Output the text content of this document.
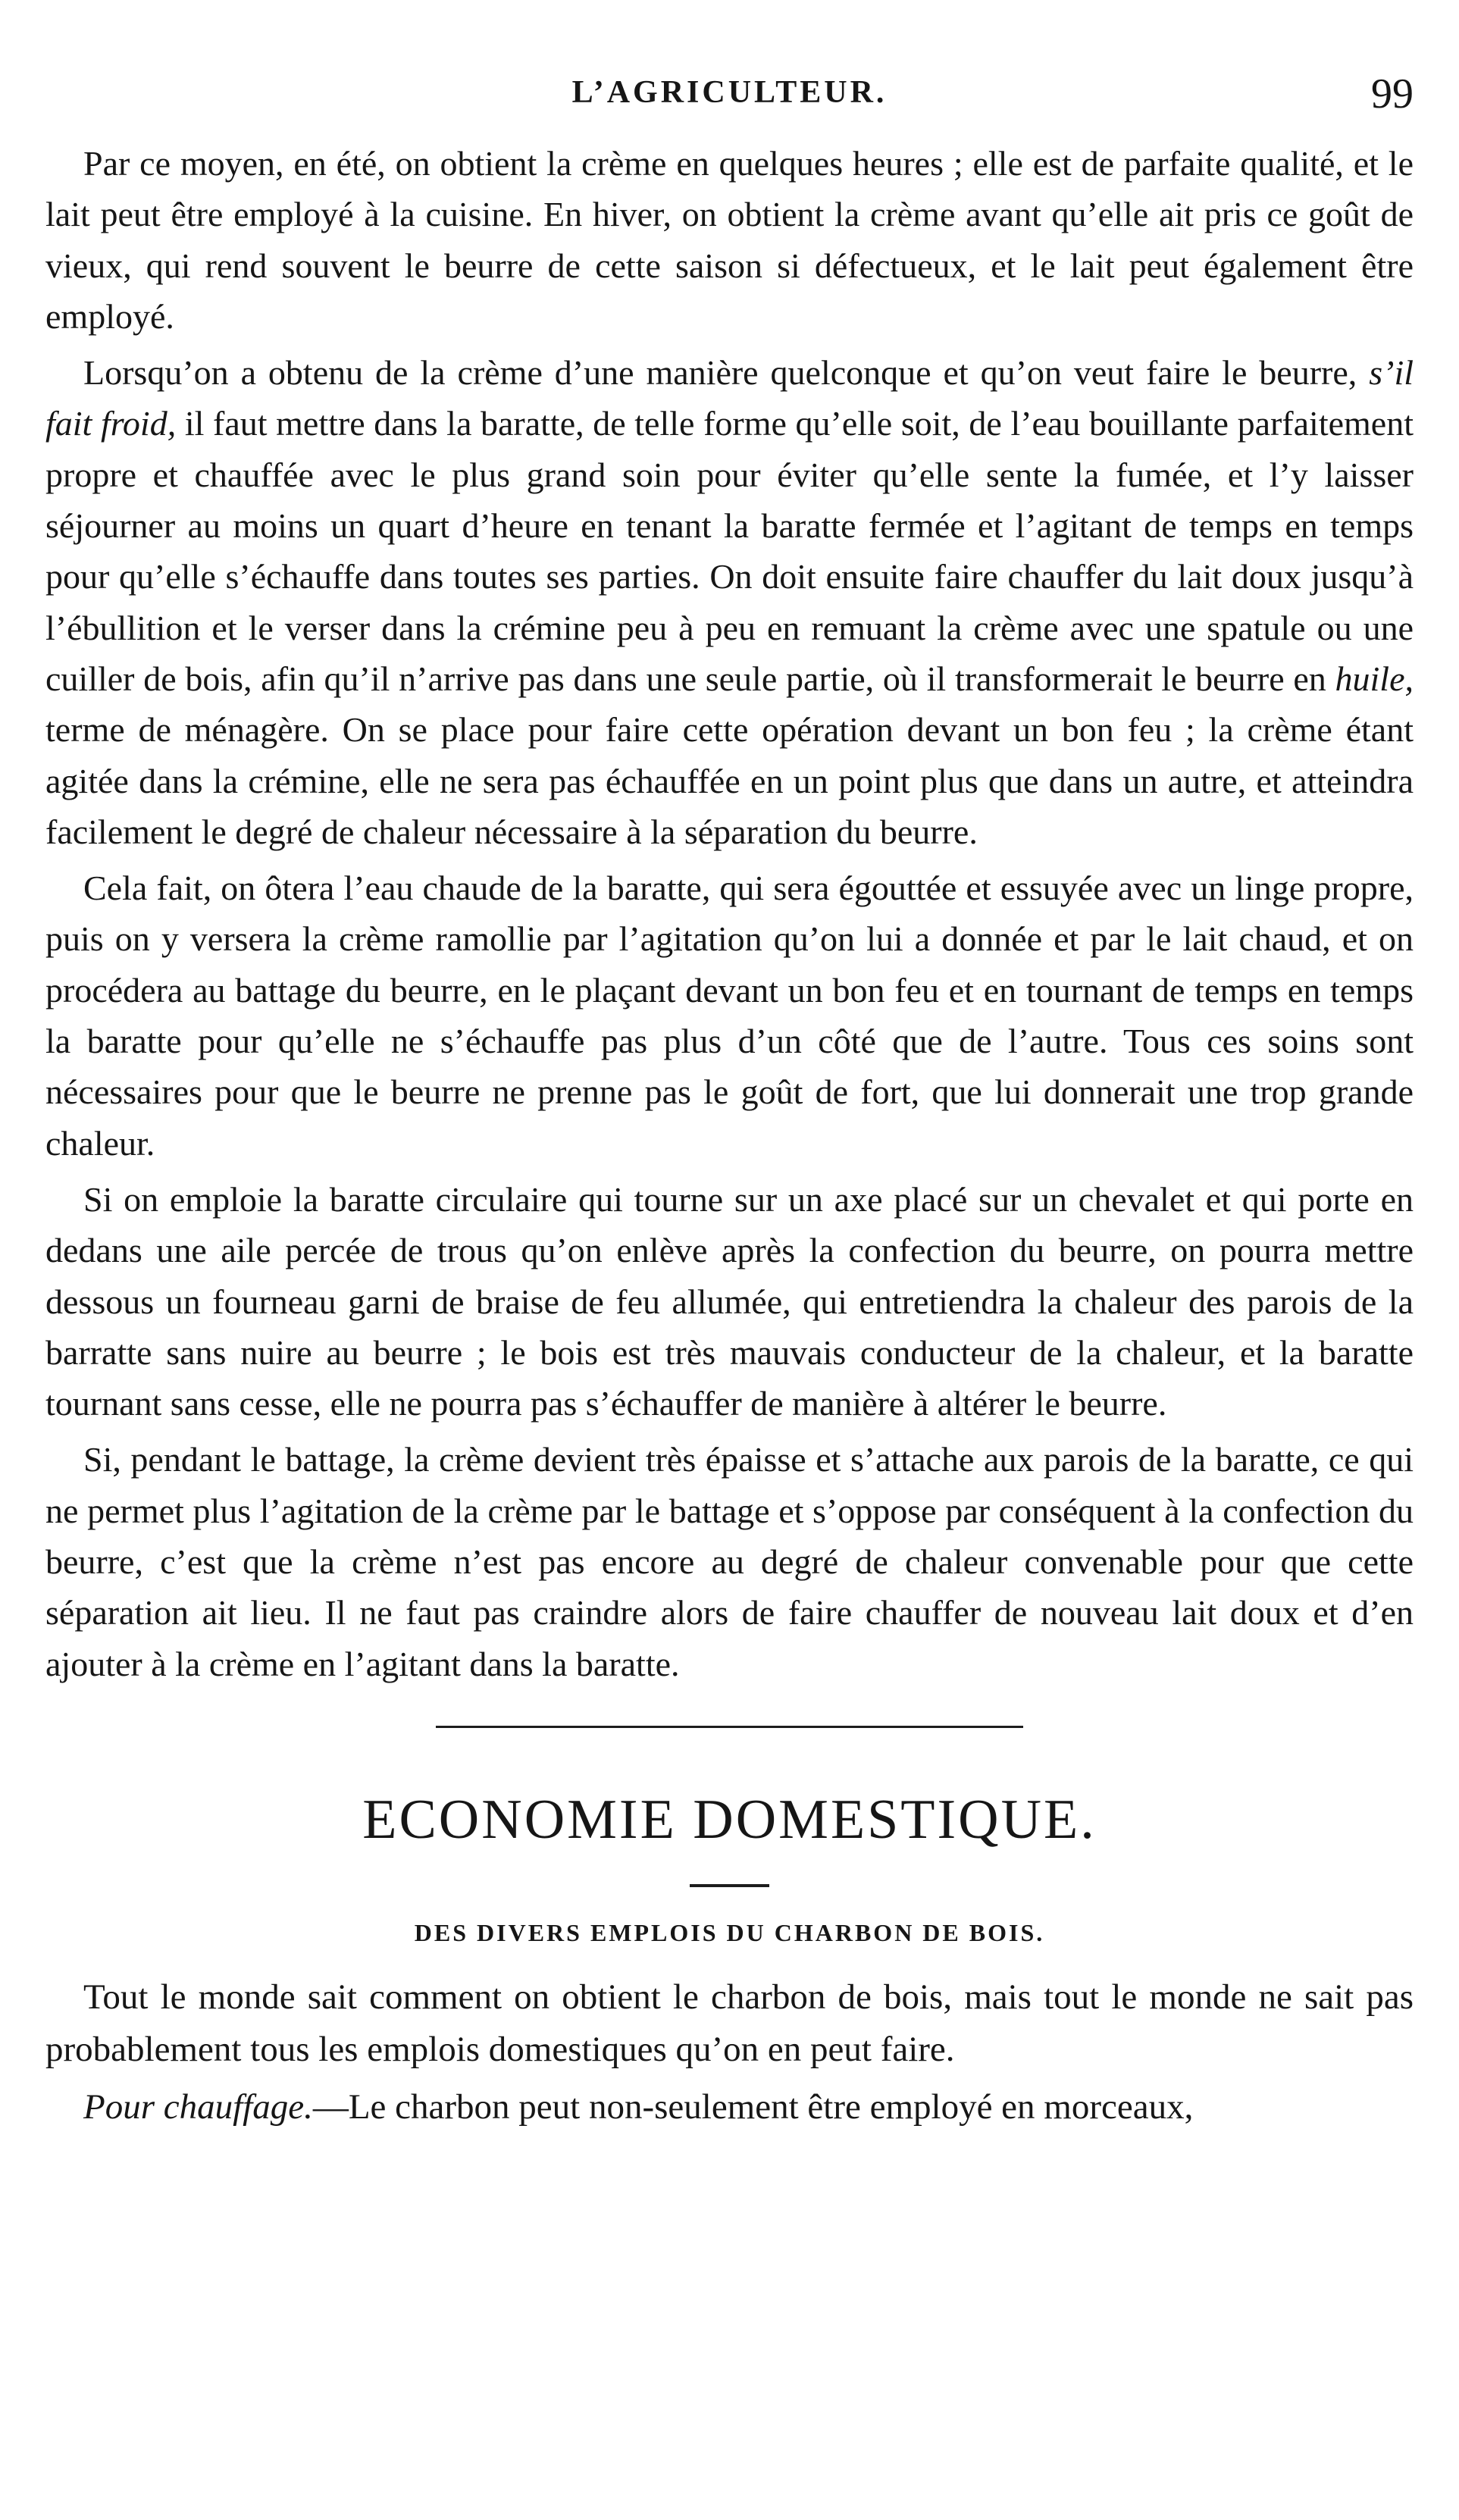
L’AGRICULTEUR.	99

Par ce moyen, en été, on obtient la crème en quelques heures ; elle est de parfaite qualité, et le lait peut être employé à la cuisine. En hiver, on obtient la crème avant qu’elle ait pris ce goût de vieux, qui rend souvent le beurre de cette saison si défectueux, et le lait peut également être employé.

Lorsqu’on a obtenu de la crème d’une manière quelconque et qu’on veut faire le beurre, s’il fait froid, il faut mettre dans la baratte, de telle forme qu’elle soit, de l’eau bouillante parfaitement propre et chauffée avec le plus grand soin pour éviter qu’elle sente la fumée, et l’y laisser séjourner au moins un quart d’heure en tenant la baratte fermée et l’agitant de temps en temps pour qu’elle s’échauffe dans toutes ses parties. On doit ensuite faire chauffer du lait doux jusqu’à l’ébullition et le verser dans la crémine peu à peu en remuant la crème avec une spatule ou une cuiller de bois, afin qu’il n’arrive pas dans une seule partie, où il transformerait le beurre en huile, terme de ménagère. On se place pour faire cette opération devant un bon feu ; la crème étant agitée dans la crémine, elle ne sera pas échauffée en un point plus que dans un autre, et atteindra facilement le degré de chaleur nécessaire à la séparation du beurre.

Cela fait, on ôtera l’eau chaude de la baratte, qui sera égouttée et essuyée avec un linge propre, puis on y versera la crème ramollie par l’agitation qu’on lui a donnée et par le lait chaud, et on procédera au battage du beurre, en le plaçant devant un bon feu et en tournant de temps en temps la baratte pour qu’elle ne s’échauffe pas plus d’un côté que de l’autre. Tous ces soins sont nécessaires pour que le beurre ne prenne pas le goût de fort, que lui donnerait une trop grande chaleur.

Si on emploie la baratte circulaire qui tourne sur un axe placé sur un chevalet et qui porte en dedans une aile percée de trous qu’on enlève après la confection du beurre, on pourra mettre dessous un fourneau garni de braise de feu allumée, qui entretiendra la chaleur des parois de la barratte sans nuire au beurre ; le bois est très mauvais conducteur de la chaleur, et la baratte tournant sans cesse, elle ne pourra pas s’échauffer de manière à altérer le beurre.

Si, pendant le battage, la crème devient très épaisse et s’attache aux parois de la baratte, ce qui ne permet plus l’agitation de la crème par le battage et s’oppose par conséquent à la confection du beurre, c’est que la crème n’est pas encore au degré de chaleur convenable pour que cette séparation ait lieu. Il ne faut pas craindre alors de faire chauffer de nouveau lait doux et d’en ajouter à la crème en l’agitant dans la baratte.

ECONOMIE DOMESTIQUE.
DES DIVERS EMPLOIS DU CHARBON DE BOIS.

Tout le monde sait comment on obtient le charbon de bois, mais tout le monde ne sait pas probablement tous les emplois domestiques qu’on en peut faire.

Pour chauffage.—Le charbon peut non-seulement être employé en morceaux,
